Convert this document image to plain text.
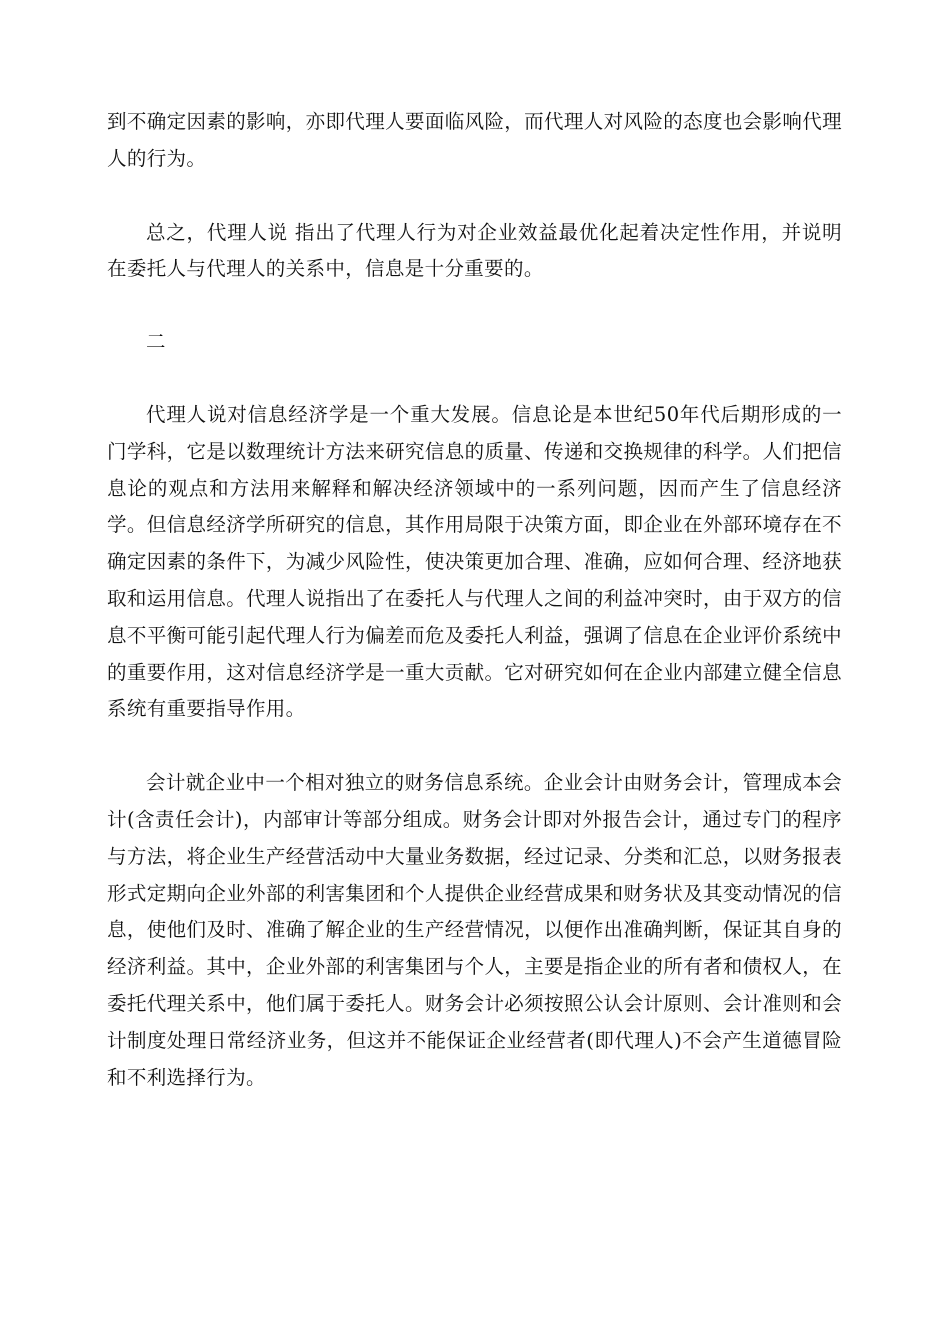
到不确定因素的影响，亦即代理人要面临风险，而代理人对风险的态度也会影响代理人的行为。

总之，代理人说 指出了代理人行为对企业效益最优化起着决定性作用，并说明在委托人与代理人的关系中，信息是十分重要的。

二

代理人说对信息经济学是一个重大发展。信息论是本世纪50年代后期形成的一门学科，它是以数理统计方法来研究信息的质量、传递和交换规律的科学。人们把信息论的观点和方法用来解释和解决经济领域中的一系列问题，因而产生了信息经济学。但信息经济学所研究的信息，其作用局限于决策方面，即企业在外部环境存在不确定因素的条件下，为减少风险性，使决策更加合理、准确，应如何合理、经济地获取和运用信息。代理人说指出了在委托人与代理人之间的利益冲突时，由于双方的信息不平衡可能引起代理人行为偏差而危及委托人利益，强调了信息在企业评价系统中的重要作用，这对信息经济学是一重大贡献。它对研究如何在企业内部建立健全信息系统有重要指导作用。

会计就企业中一个相对独立的财务信息系统。企业会计由财务会计，管理成本会计(含责任会计)，内部审计等部分组成。财务会计即对外报告会计，通过专门的程序与方法，将企业生产经营活动中大量业务数据，经过记录、分类和汇总，以财务报表形式定期向企业外部的利害集团和个人提供企业经营成果和财务状及其变动情况的信息，使他们及时、准确了解企业的生产经营情况，以便作出准确判断，保证其自身的经济利益。其中，企业外部的利害集团与个人，主要是指企业的所有者和债权人，在委托代理关系中，他们属于委托人。财务会计必须按照公认会计原则、会计准则和会计制度处理日常经济业务，但这并不能保证企业经营者(即代理人)不会产生道德冒险和不利选择行为。
